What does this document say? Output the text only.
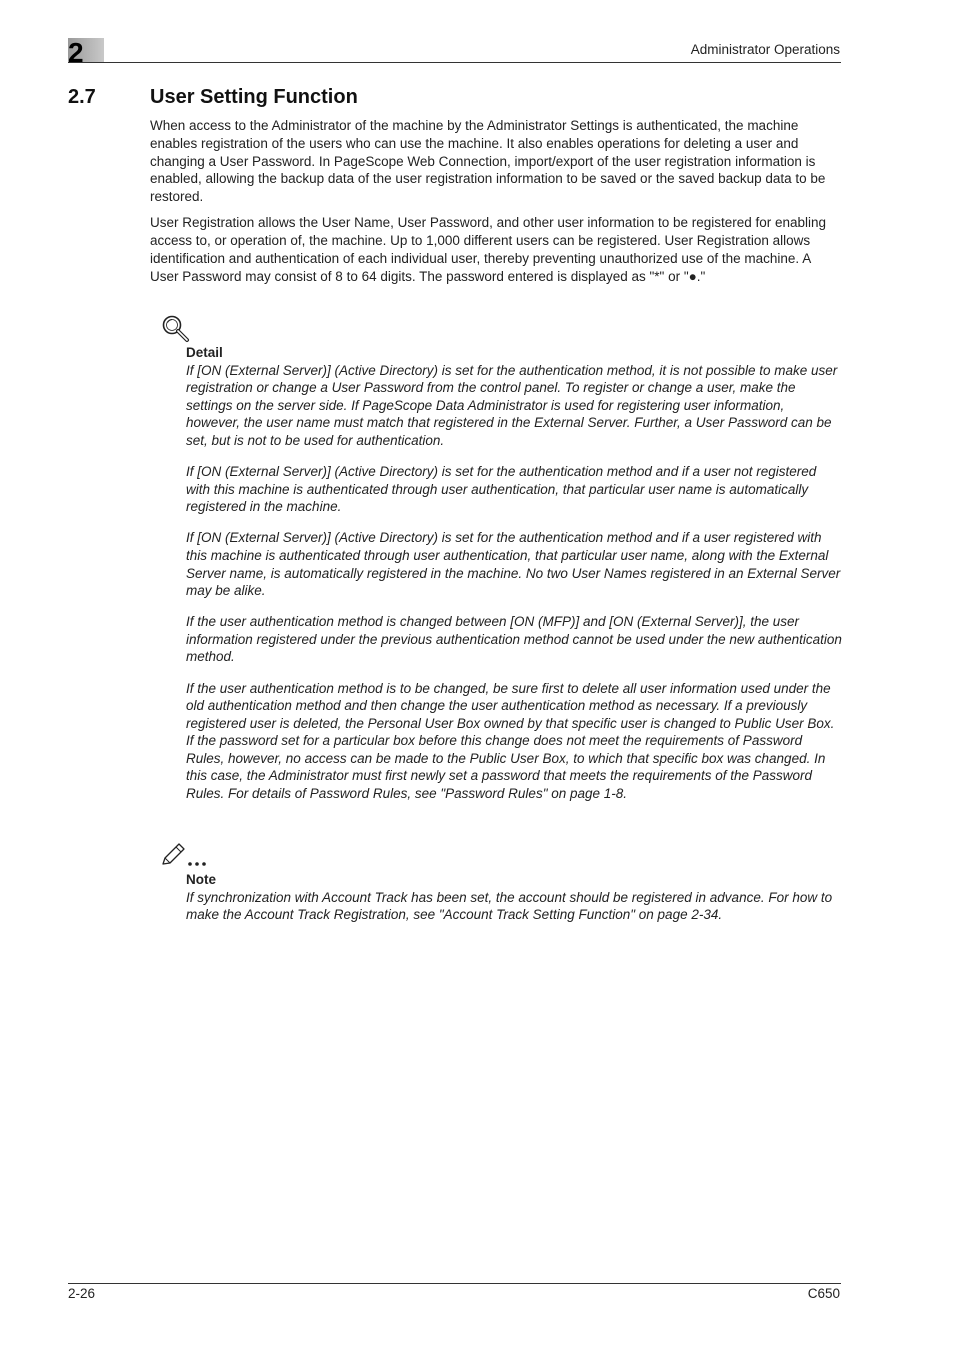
2	Administrator Operations
2.7	User Setting Function

When access to the Administrator of the machine by the Administrator Settings is authenticated, the machine enables registration of the users who can use the machine. It also enables operations for deleting a user and changing a User Password. In PageScope Web Connection, import/export of the user registration information is enabled, allowing the backup data of the user registration information to be saved or the saved backup data to be restored.

User Registration allows the User Name, User Password, and other user information to be registered for enabling access to, or operation of, the machine. Up to 1,000 different users can be registered. User Registration allows identification and authentication of each individual user, thereby preventing unauthorized use of the machine. A User Password may consist of 8 to 64 digits. The password entered is displayed as "*" or "●."

Detail

If [ON (External Server)] (Active Directory) is set for the authentication method, it is not possible to make user registration or change a User Password from the control panel. To register or change a user, make the settings on the server side. If PageScope Data Administrator is used for registering user information, however, the user name must match that registered in the External Server. Further, a User Password can be set, but is not to be used for authentication.

If [ON (External Server)] (Active Directory) is set for the authentication method and if a user not registered with this machine is authenticated through user authentication, that particular user name is automatically registered in the machine.

If [ON (External Server)] (Active Directory) is set for the authentication method and if a user registered with this machine is authenticated through user authentication, that particular user name, along with the External Server name, is automatically registered in the machine. No two User Names registered in an External Server may be alike.

If the user authentication method is changed between [ON (MFP)] and [ON (External Server)], the user information registered under the previous authentication method cannot be used under the new authentication method.

If the user authentication method is to be changed, be sure first to delete all user information used under the old authentication method and then change the user authentication method as necessary. If a previously registered user is deleted, the Personal User Box owned by that specific user is changed to Public User Box. If the password set for a particular box before this change does not meet the requirements of Password Rules, however, no access can be made to the Public User Box, to which that specific box was changed. In this case, the Administrator must first newly set a password that meets the requirements of the Password Rules. For details of Password Rules, see "Password Rules" on page 1-8.

Note

If synchronization with Account Track has been set, the account should be registered in advance. For how to make the Account Track Registration, see "Account Track Setting Function" on page 2-34.

2-26	C650
